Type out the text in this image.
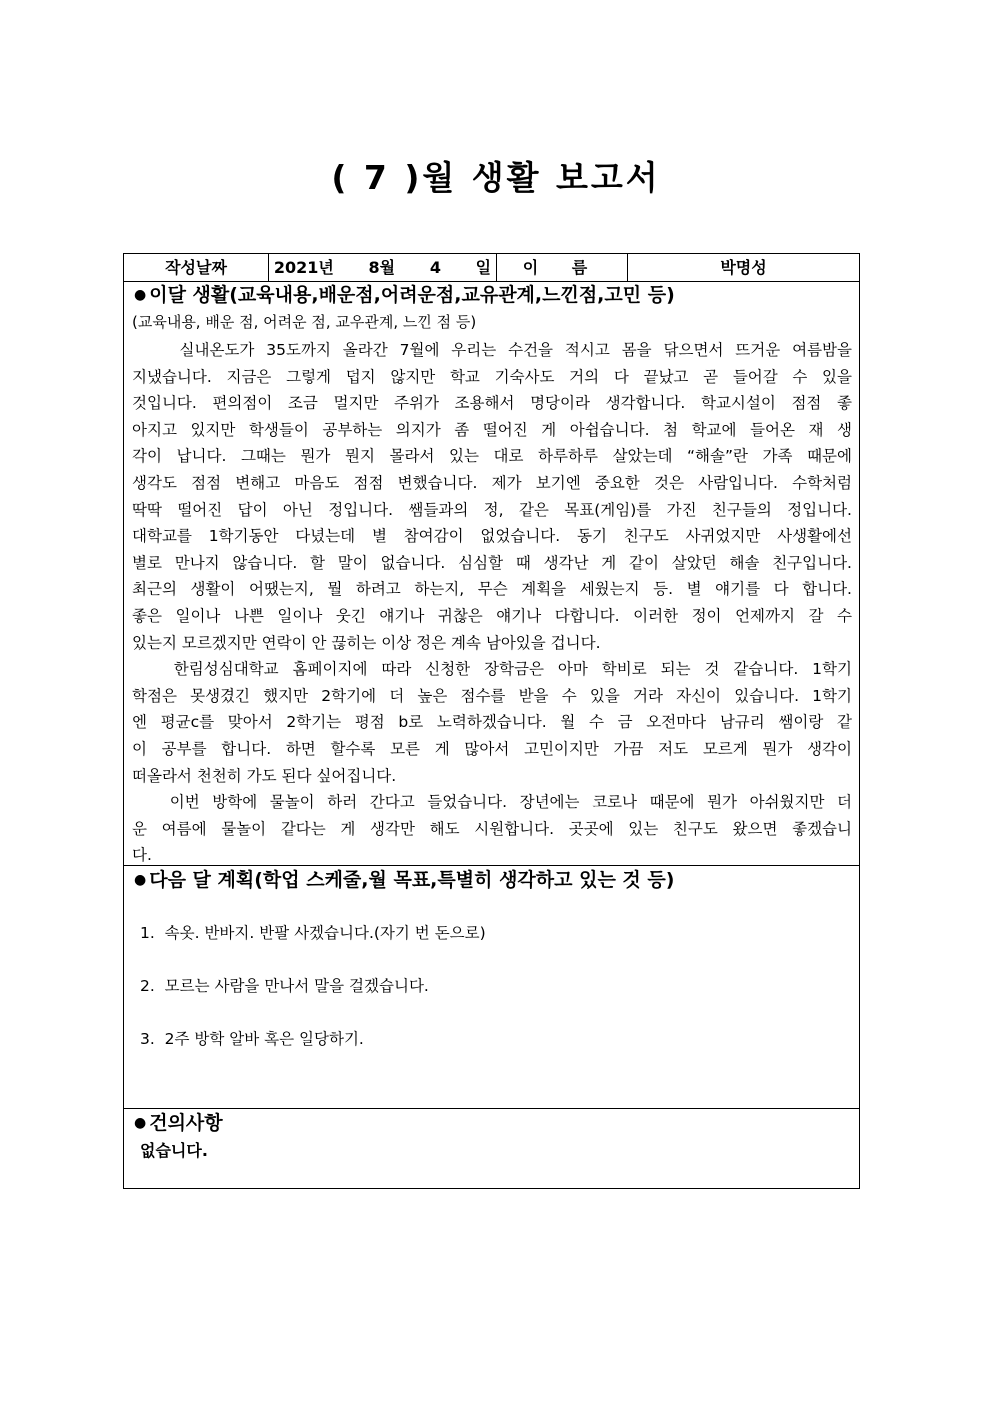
( 7 )월 생활 보고서
작성날짜	2021년   8월   4   일	이 름	박명성
● 이달 생활(교육내용,배운점,어려운점,교유관계,느낀점,고민 등)
(교육내용, 배운 점, 어려운 점, 교우관계, 느낀 점 등)
실내온도가 35도까지 올라간 7월에 우리는 수건을 적시고 몸을 닦으면서 뜨거운 여름밤을
지냈습니다. 지금은 그렇게 덥지 않지만 학교 기숙사도 거의 다 끝났고 곧 들어갈 수 있을
것입니다. 편의점이 조금 멀지만 주위가 조용해서 명당이라 생각합니다. 학교시설이 점점 좋
아지고 있지만 학생들이 공부하는 의지가 좀 떨어진 게 아쉽습니다. 첨 학교에 들어온 재 생
각이 납니다. 그때는 뭔가 뭔지 몰라서 있는 대로 하루하루 살았는데 “해솔”란 가족 때문에
생각도 점점 변해고 마음도 점점 변했습니다. 제가 보기엔 중요한 것은 사람입니다. 수학처럼
딱딱 떨어진 답이 아닌 정입니다. 쌤들과의 정, 같은 목표(게임)를 가진 친구들의 정입니다.
대학교를 1학기동안 다녔는데 별 참여감이 없었습니다. 동기 친구도 사귀었지만 사생활에선
별로 만나지 않습니다. 할 말이 없습니다. 심심할 때 생각난 게 같이 살았던 해솔 친구입니다.
최근의 생활이 어땠는지, 뭘 하려고 하는지, 무슨 계획을 세웠는지 등. 별 얘기를 다 합니다.
좋은 일이나 나쁜 일이나 웃긴 얘기나 귀찮은 얘기나 다합니다. 이러한 정이 언제까지 갈 수
있는지 모르겠지만 연락이 안 끊히는 이상 정은 계속 남아있을 겁니다.
한림성심대학교 홈페이지에 따라 신청한 장학금은 아마 학비로 되는 것 같습니다. 1학기
학점은 못생겼긴 했지만 2학기에 더 높은 점수를 받을 수 있을 거라 자신이 있습니다. 1학기
엔 평균c를 맞아서 2학기는 평점 b로 노력하겠습니다. 월 수 금 오전마다 남규리 쌤이랑 같
이 공부를 합니다. 하면 할수록 모른 게 많아서 고민이지만 가끔 저도 모르게 뭔가 생각이
떠올라서 천천히 가도 된다 싶어집니다.
이번 방학에 물놀이 하러 간다고 들었습니다. 장년에는 코로나 때문에 뭔가 아쉬웠지만 더
운 여름에 물놀이 같다는 게 생각만 해도 시원합니다. 곳곳에 있는 친구도 왔으면 좋겠습니
다.
● 다음 달 계획(학업 스케줄,월 목표,특별히 생각하고 있는 것 등)
1.  속옷. 반바지. 반팔 사겠습니다.(자기 번 돈으로)
2.  모르는 사람을 만나서 말을 걸겠습니다.
3.  2주 방학 알바 혹은 일당하기.
● 건의사항
없습니다.
